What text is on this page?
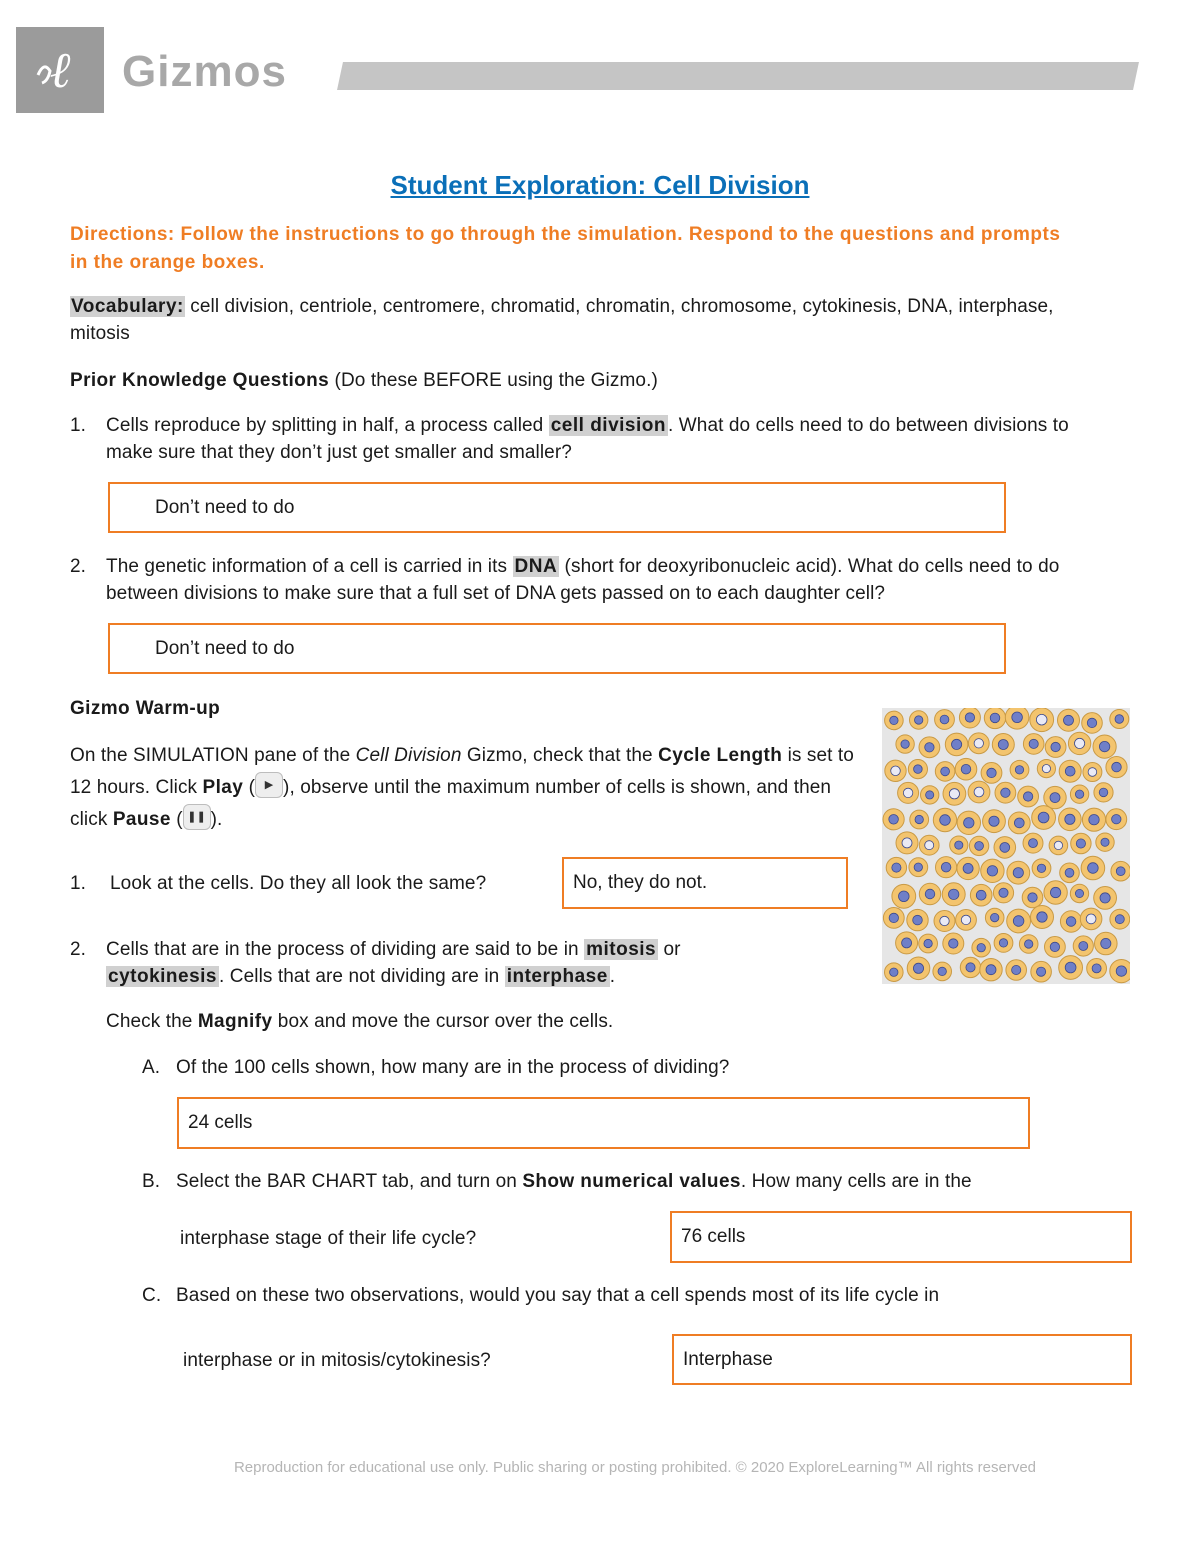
ℓ Gizmos
Student Exploration: Cell Division
Directions: Follow the instructions to go through the simulation. Respond to the questions and prompts in the orange boxes.
Vocabulary: cell division, centriole, centromere, chromatid, chromatin, chromosome, cytokinesis, DNA, interphase, mitosis
Prior Knowledge Questions (Do these BEFORE using the Gizmo.)
1. Cells reproduce by splitting in half, a process called cell division . What do cells need to do between divisions to make sure that they don’t just get smaller and smaller?
Don’t need to do
2. The genetic information of a cell is carried in its DNA (short for deoxyribonucleic acid). What do cells need to do between divisions to make sure that a full set of DNA gets passed on to each daughter cell?
Don’t need to do
Gizmo Warm-up
On the SIMULATION pane of the Cell Division Gizmo, check that the Cycle Length is set to 12 hours. Click Play ( ▶ ), observe until the maximum number of cells is shown, and then click Pause ( ❚❚ ).
1. Look at the cells. Do they all look the same?	No, they do not.
2. Cells that are in the process of dividing are said to be in mitosis or
cytokinesis . Cells that are not dividing are in interphase .
Check the Magnify box and move the cursor over the cells.
A. Of the 100 cells shown, how many are in the process of dividing?
24 cells
B. Select the BAR CHART tab, and turn on Show numerical values. How many cells are in the
interphase stage of their life cycle?	76 cells
C. Based on these two observations, would you say that a cell spends most of its life cycle in
interphase or in mitosis/cytokinesis?	Interphase
Reproduction for educational use only. Public sharing or posting prohibited. © 2020 ExploreLearning™ All rights reserved
